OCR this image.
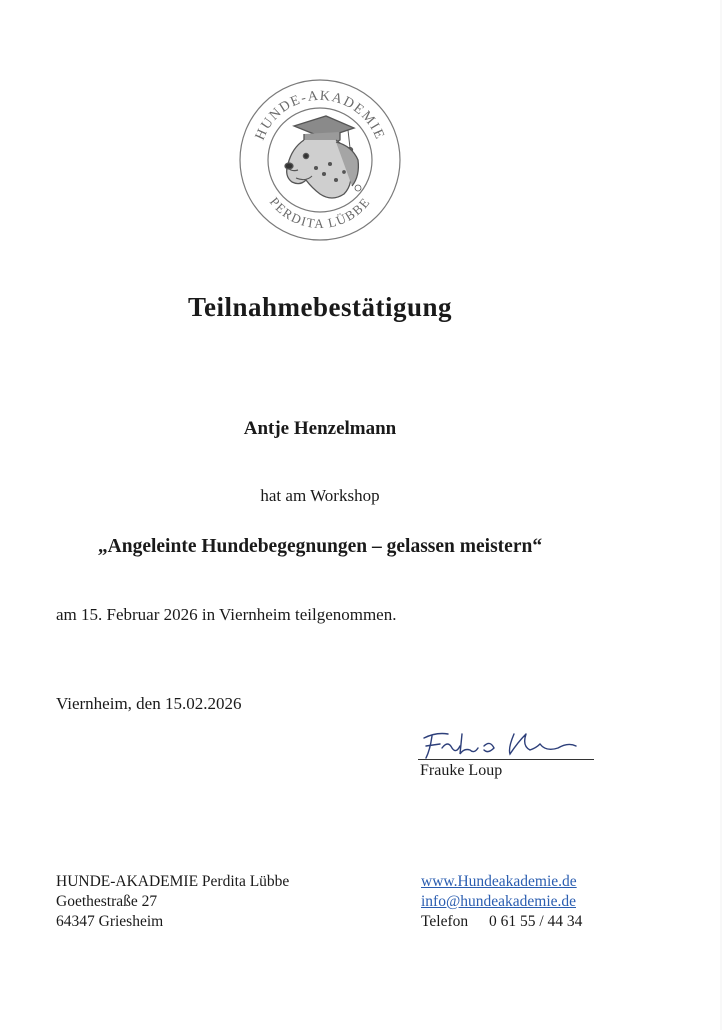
HUNDE-AKADEMIE
PERDITA LÜBBE
Teilnahmebestätigung
Antje Henzelmann
hat am Workshop
„Angeleinte Hundebegegnungen – gelassen meistern“
am 15. Februar 2026 in Viernheim teilgenommen.
Viernheim, den 15.02.2026
Frauke Loup
HUNDE-AKADEMIE Perdita Lübbe
Goethestraße 27
64347 Griesheim
www.Hundeakademie.de
info@hundeakademie.de
Telefon 0 61 55 / 44 34
